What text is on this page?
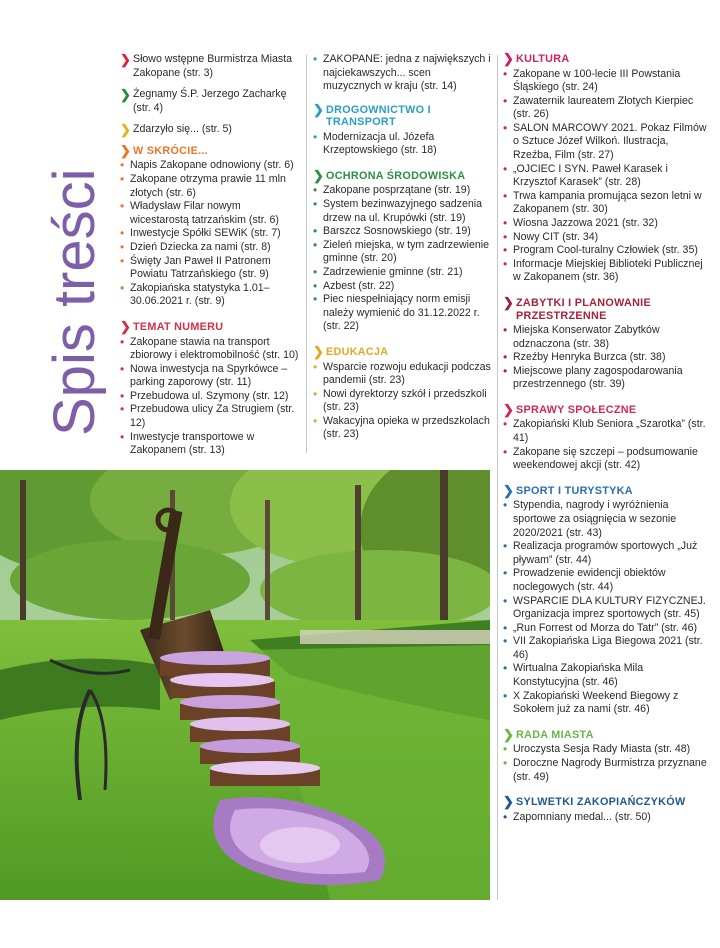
Spis treści
❯ Słowo wstępne Burmistrza Miasta Zakopane (str. 3)
❯ Żegnamy Ś.P. Jerzego Zacharkę (str. 4)
❯ Zdarzyło się... (str. 5)
❯ W SKRÓCIE...
• Napis Zakopane odnowiony (str. 6)
• Zakopane otrzyma prawie 11 mln złotych (str. 6)
• Władysław Filar nowym wicestarostą tatrzańskim (str. 6)
• Inwestycje Spółki SEWiK (str. 7)
• Dzień Dziecka za nami (str. 8)
• Święty Jan Paweł II Patronem Powiatu Tatrzańskiego (str. 9)
• Zakopiańska statystyka 1.01–30.06.2021 r. (str. 9)
❯ TEMAT NUMERU
• Zakopane stawia na transport zbiorowy i elektromobilność (str. 10)
• Nowa inwestycja na Spyrkówce – parking zaporowy (str. 11)
• Przebudowa ul. Szymony (str. 12)
• Przebudowa ulicy Za Strugiem (str. 12)
• Inwestycje transportowe w Zakopanem (str. 13)
• ZAKOPANE: jedna z największych i najciekawszych... scen muzycznych w kraju (str. 14)
❯ DROGOWNICTWO I TRANSPORT
• Modernizacja ul. Józefa Krzeptowskiego (str. 18)
❯ OCHRONA ŚRODOWISKA
• Zakopane posprzątane (str. 19)
• System bezinwazyjnego sadzenia drzew na ul. Krupówki (str. 19)
• Barszcz Sosnowskiego (str. 19)
• Zieleń miejska, w tym zadrzewienie gminne (str. 20)
• Zadrzewienie gminne (str. 21)
• Azbest (str. 22)
• Piec niespełniający norm emisji należy wymienić do 31.12.2022 r. (str. 22)
❯ EDUKACJA
• Wsparcie rozwoju edukacji podczas pandemii (str. 23)
• Nowi dyrektorzy szkół i przedszkoli (str. 23)
• Wakacyjna opieka w przedszkolach (str. 23)
❯ KULTURA
• Zakopane w 100-lecie III Powstania Śląskiego (str. 24)
• Zawaternik laureatem Złotych Kierpiec (str. 26)
• SALON MARCOWY 2021. Pokaz Filmów o Sztuce Józef Wilkoń. Ilustracja, Rzeźba, Film (str. 27)
• „OJCIEC I SYN. Paweł Karasek i Krzysztof Karasek” (str. 28)
• Trwa kampania promująca sezon letni w Zakopanem (str. 30)
• Wiosna Jazzowa 2021 (str. 32)
• Nowy CIT (str. 34)
• Program Cool-turalny Człowiek (str. 35)
• Informacje Miejskiej Biblioteki Publicznej w Zakopanem (str. 36)
❯ ZABYTKI I PLANOWANIE PRZESTRZENNE
• Miejska Konserwator Zabytków odznaczona (str. 38)
• Rzeźby Henryka Burzca (str. 38)
• Miejscowe plany zagospodarowania przestrzennego (str. 39)
❯ SPRAWY SPOŁECZNE
• Zakopiański Klub Seniora „Szarotka” (str. 41)
• Zakopane się szczepi – podsumowanie weekendowej akcji (str. 42)
❯ SPORT I TURYSTYKA
• Stypendia, nagrody i wyróżnienia sportowe za osiągnięcia w sezonie 2020/2021 (str. 43)
• Realizacja programów sportowych „Już pływam” (str. 44)
• Prowadzenie ewidencji obiektów noclegowych (str. 44)
• WSPARCIE DLA KULTURY FIZYCZNEJ. Organizacja imprez sportowych (str. 45)
• „Run Forrest od Morza do Tatr” (str. 46)
• VII Zakopiańska Liga Biegowa 2021 (str. 46)
• Wirtualna Zakopiańska Mila Konstytucyjna (str. 46)
• X Zakopiański Weekend Biegowy z Sokołem już za nami (str. 46)
❯ RADA MIASTA
• Uroczysta Sesja Rady Miasta (str. 48)
• Doroczne Nagrody Burmistrza przyznane (str. 49)
❯ SYLWETKI ZAKOPIAŃCZYKÓW
• Zapomniany medal... (str. 50)
